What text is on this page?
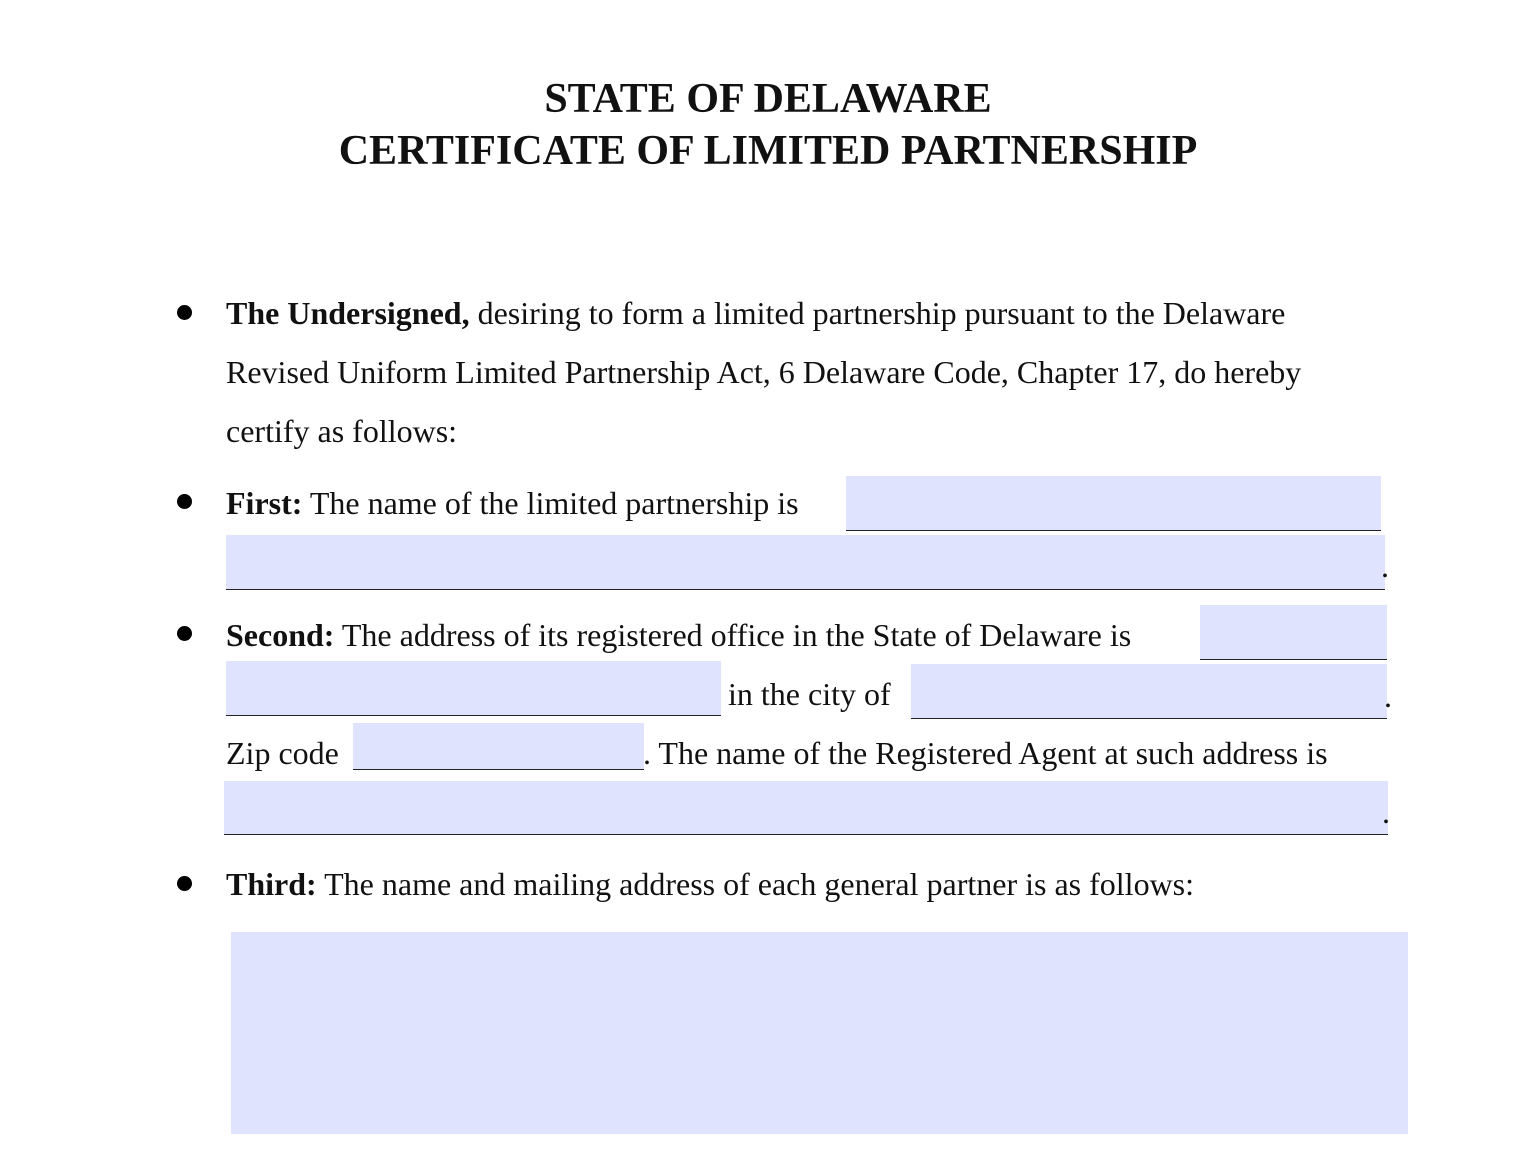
STATE OF DELAWARE
CERTIFICATE OF LIMITED PARTNERSHIP
The Undersigned, desiring to form a limited partnership pursuant to the Delaware
Revised Uniform Limited Partnership Act, 6 Delaware Code, Chapter 17, do hereby
certify as follows:
First: The name of the limited partnership is
.
Second: The address of its registered office in the State of Delaware is
in the city of	.
Zip code	. The name of the Registered Agent at such address is
.
Third: The name and mailing address of each general partner is as follows:
